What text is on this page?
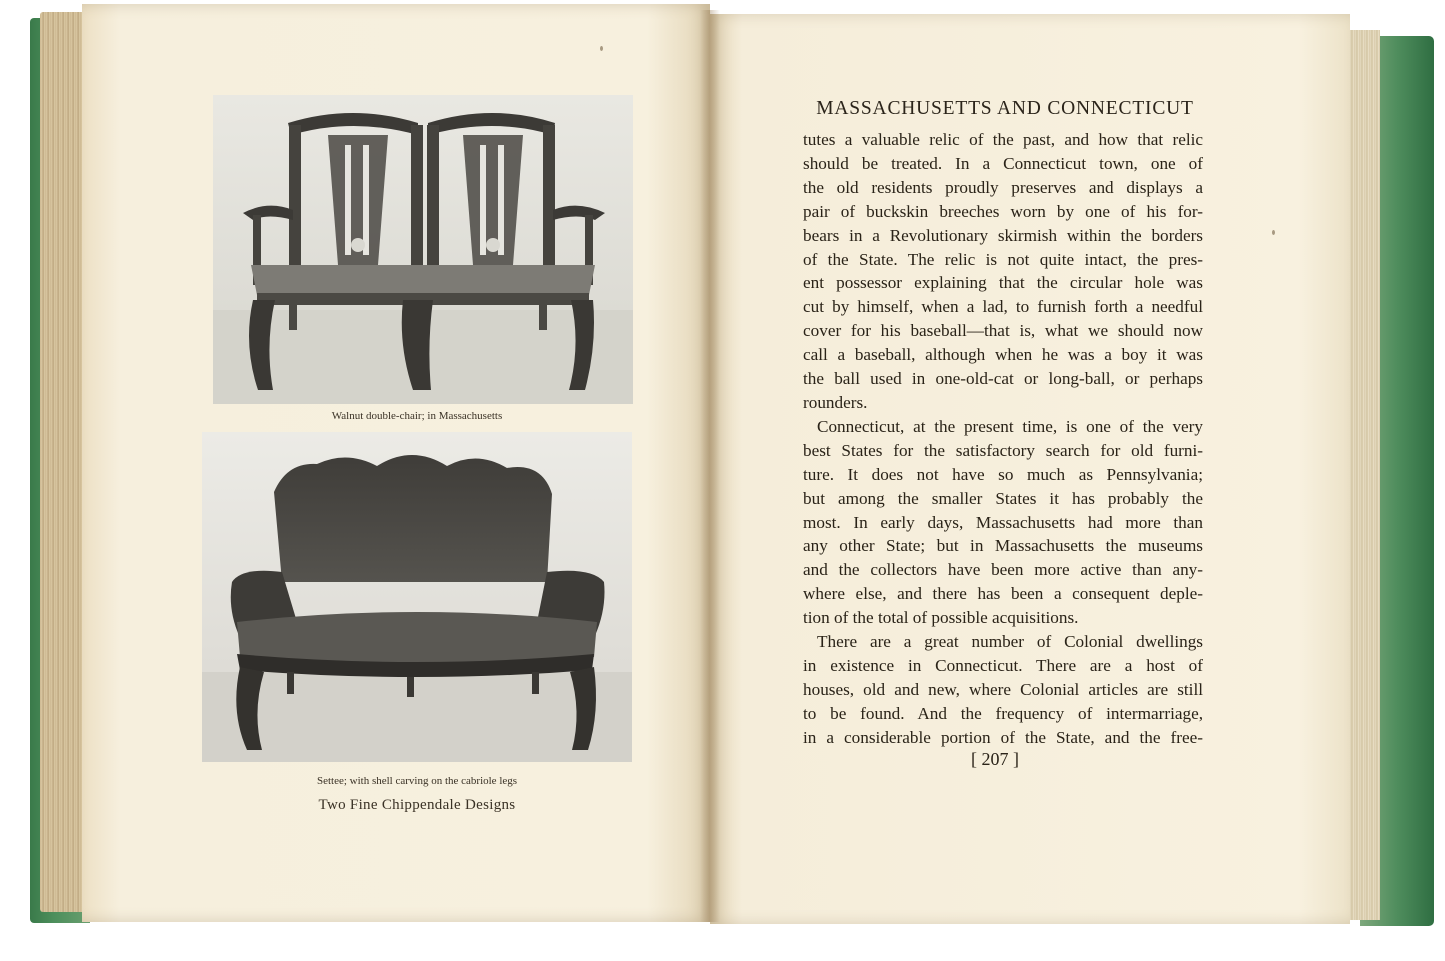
Walnut double-chair; in Massachusetts
Settee; with shell carving on the cabriole legs
Two Fine Chippendale Designs
MASSACHUSETTS AND CONNECTICUT
tutes a valuable relic of the past, and how that relic
should be treated. In a Connecticut town, one of
the old residents proudly preserves and displays a
pair of buckskin breeches worn by one of his for-
bears in a Revolutionary skirmish within the borders
of the State. The relic is not quite intact, the pres-
ent possessor explaining that the circular hole was
cut by himself, when a lad, to furnish forth a needful
cover for his baseball—that is, what we should now
call a baseball, although when he was a boy it was
the ball used in one-old-cat or long-ball, or perhaps
rounders.
Connecticut, at the present time, is one of the very
best States for the satisfactory search for old furni-
ture. It does not have so much as Pennsylvania;
but among the smaller States it has probably the
most. In early days, Massachusetts had more than
any other State; but in Massachusetts the museums
and the collectors have been more active than any-
where else, and there has been a consequent deple-
tion of the total of possible acquisitions.
There are a great number of Colonial dwellings
in existence in Connecticut. There are a host of
houses, old and new, where Colonial articles are still
to be found. And the frequency of intermarriage,
in a considerable portion of the State, and the free-
[ 207 ]
